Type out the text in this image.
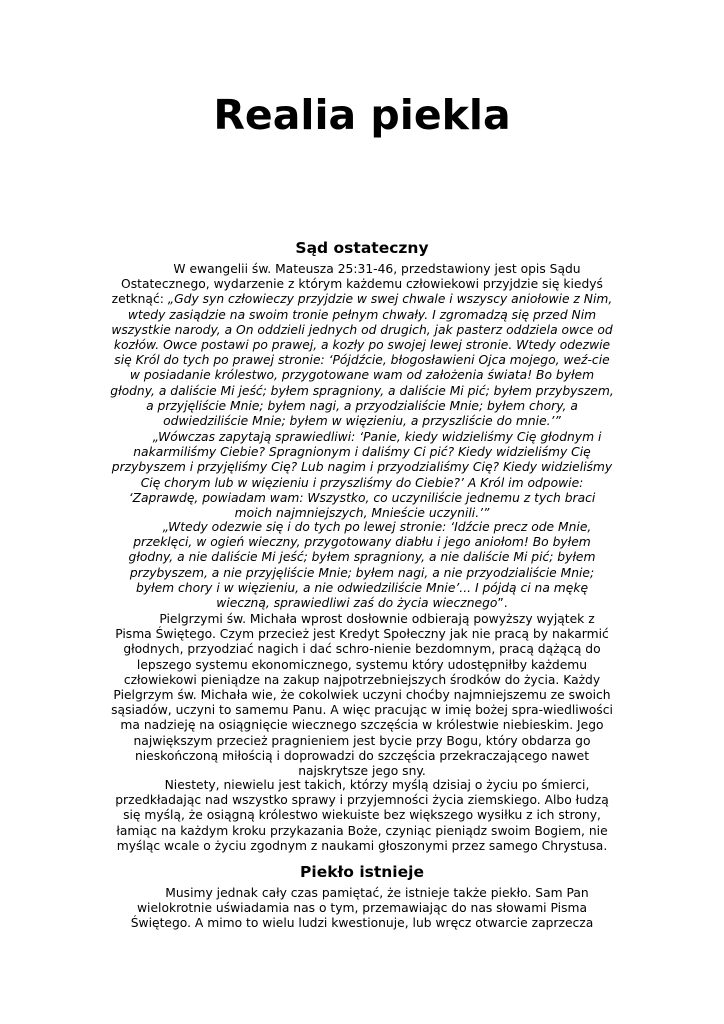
Realia piekla
Sąd ostateczny

W ewangelii św. Mateusza 25:31-46, przedstawiony jest opis Sądu Ostatecznego, wydarzenie z którym każdemu człowiekowi przyjdzie się kiedyś zetknąć: „Gdy syn człowieczy przyjdzie w swej chwale i wszyscy aniołowie z Nim, wtedy zasiądzie na swoim tronie pełnym chwały. I zgromadzą się przed Nim wszystkie narody, a On oddzieli jednych od drugich, jak pasterz oddziela owce od kozłów. Owce postawi po prawej, a kozły po swojej lewej stronie. Wtedy odezwie się Król do tych po prawej stronie: ‘Pójdźcie, błogosławieni Ojca mojego, weź-cie w posiadanie królestwo, przygotowane wam od założenia świata! Bo byłem głodny, a daliście Mi jeść; byłem spragniony, a daliście Mi pić; byłem przybyszem, a przyjęliście Mnie; byłem nagi, a przyodzialiście Mnie; byłem chory, a odwiedziliście Mnie; byłem w więzieniu, a przyszliście do mnie.’”

„Wówczas zapytają sprawiedliwi: ‘Panie, kiedy widzieliśmy Cię głodnym i nakarmiliśmy Ciebie? Spragnionym i daliśmy Ci pić? Kiedy widzieliśmy Cię przybyszem i przyjęliśmy Cię? Lub nagim i przyodzialiśmy Cię? Kiedy widzieliśmy Cię chorym lub w więzieniu i przyszliśmy do Ciebie?’ A Król im odpowie: ‘Zaprawdę, powiadam wam: Wszystko, co uczyniliście jednemu z tych braci moich najmniejszych, Mnieście uczynili.’”

„Wtedy odezwie się i do tych po lewej stronie: ‘Idźcie precz ode Mnie, przeklęci, w ogień wieczny, przygotowany diabłu i jego aniołom! Bo byłem głodny, a nie daliście Mi jeść; byłem spragniony, a nie daliście Mi pić; byłem przybyszem, a nie przyjęliście Mnie; byłem nagi, a nie przyodzialiście Mnie; byłem chory i w więzieniu, a nie odwiedziliście Mnie’... I pójdą ci na mękę wieczną, sprawiedliwi zaś do życia wiecznego”.

Pielgrzymi św. Michała wprost dosłownie odbierają powyższy wyjątek z Pisma Świętego. Czym przecież jest Kredyt Społeczny jak nie pracą by nakarmić głodnych, przyodziać nagich i dać schro-nienie bezdomnym, pracą dążącą do lepszego systemu ekonomicznego, systemu który udostępniłby każdemu człowiekowi pieniądze na zakup najpotrzebniejszych środków do życia. Każdy Pielgrzym św. Michała wie, że cokolwiek uczyni choćby najmniejszemu ze swoich sąsiadów, uczyni to samemu Panu. A więc pracując w imię bożej spra-wiedliwości ma nadzieję na osiągnięcie wiecznego szczęścia w królestwie niebieskim. Jego największym przecież pragnieniem jest bycie przy Bogu, który obdarza go nieskończoną miłością i doprowadzi do szczęścia przekraczającego nawet najskrytsze jego sny.

Niestety, niewielu jest takich, którzy myślą dzisiaj o życiu po śmierci, przedkładając nad wszystko sprawy i przyjemności życia ziemskiego. Albo łudzą się myślą, że osiągną królestwo wiekuiste bez większego wysiłku z ich strony, łamiąc na każdym kroku przykazania Boże, czyniąc pieniądz swoim Bogiem, nie myśląc wcale o życiu zgodnym z naukami głoszonymi przez samego Chrystusa.

Piekło istnieje

Musimy jednak cały czas pamiętać, że istnieje także piekło. Sam Pan wielokrotnie uświadamia nas o tym, przemawiając do nas słowami Pisma Świętego. A mimo to wielu ludzi kwestionuje, lub wręcz otwarcie zaprzecza
